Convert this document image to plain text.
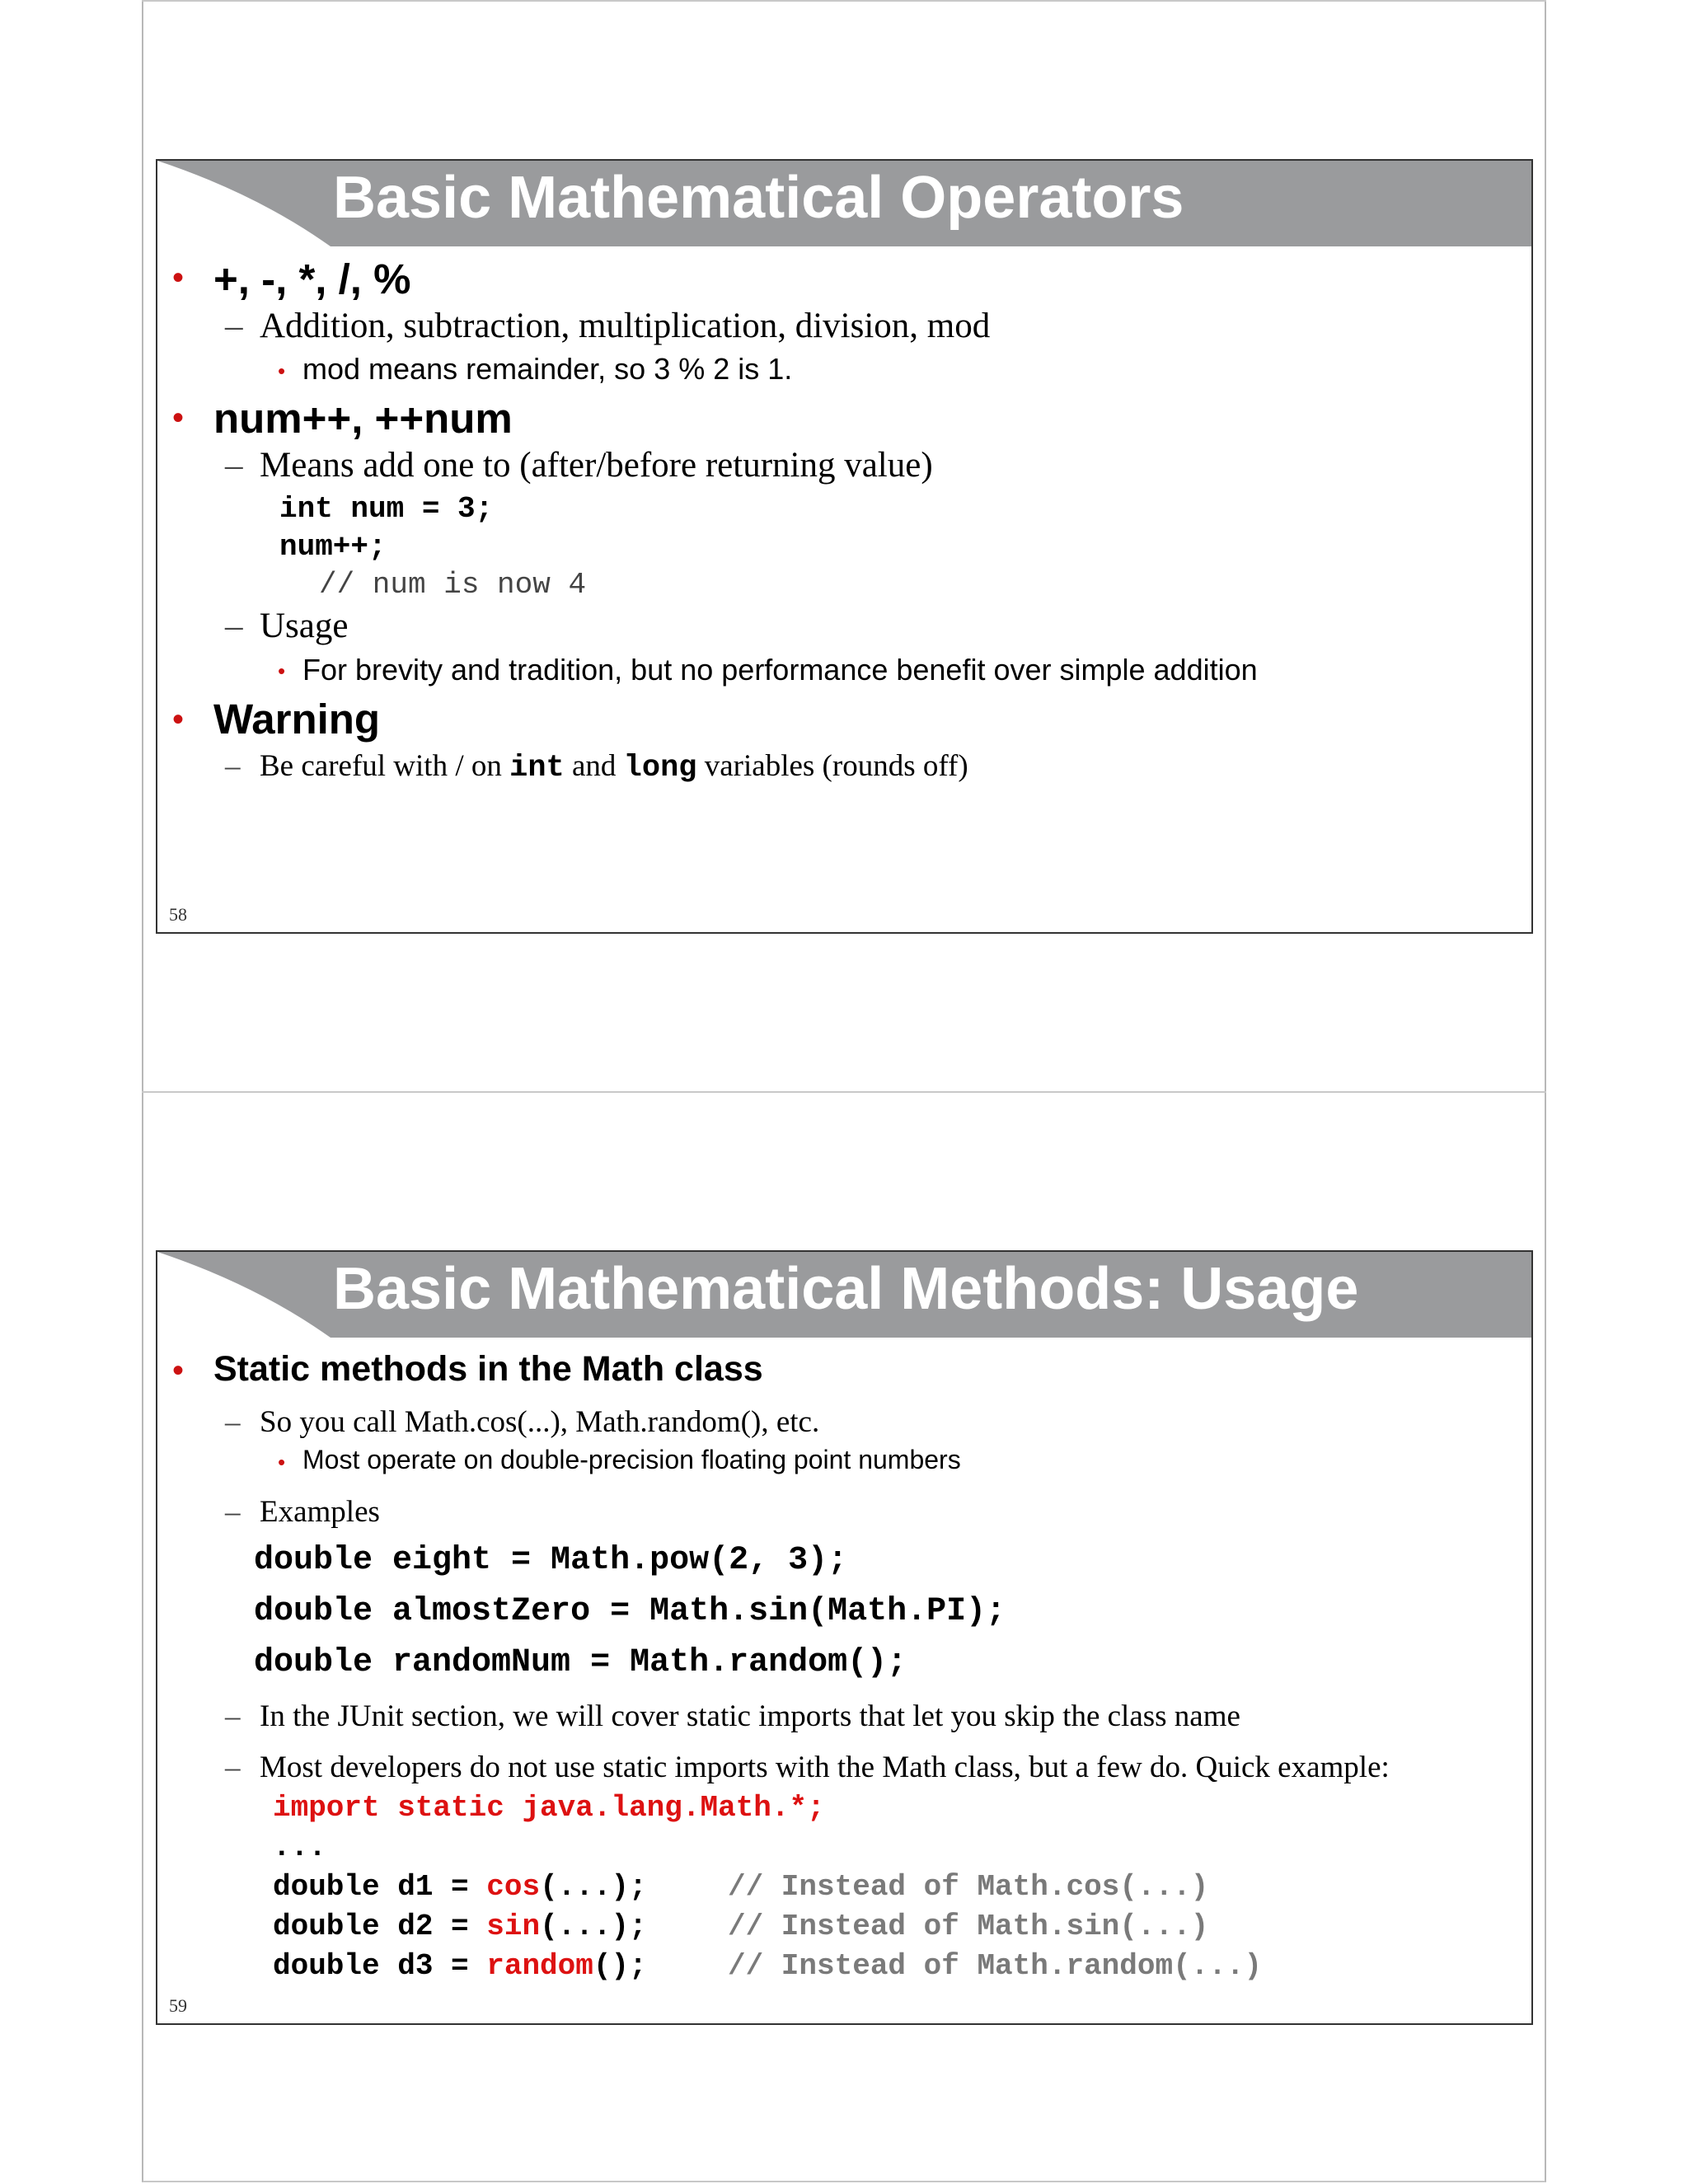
Basic Mathematical Operators
• +, -, *, /, %
– Addition, subtraction, multiplication, division, mod
• mod means remainder, so 3 % 2 is 1.
• num++, ++num
– Means add one to (after/before returning value)
int num = 3;
num++;
// num is now 4
– Usage
• For brevity and tradition, but no performance benefit over simple addition
• Warning
– Be careful with / on int and long variables (rounds off)
58
Basic Mathematical Methods: Usage
• Static methods in the Math class
– So you call Math.cos(...), Math.random(), etc.
• Most operate on double-precision floating point numbers
– Examples
double eight = Math.pow(2, 3);
double almostZero = Math.sin(Math.PI);
double randomNum = Math.random();
– In the JUnit section, we will cover static imports that let you skip the class name
– Most developers do not use static imports with the Math class, but a few do. Quick example:
import static java.lang.Math.*;
...
double d1 = cos(...);	// Instead of Math.cos(...)
double d2 = sin(...);	// Instead of Math.sin(...)
double d3 = random();	// Instead of Math.random(...)
59
